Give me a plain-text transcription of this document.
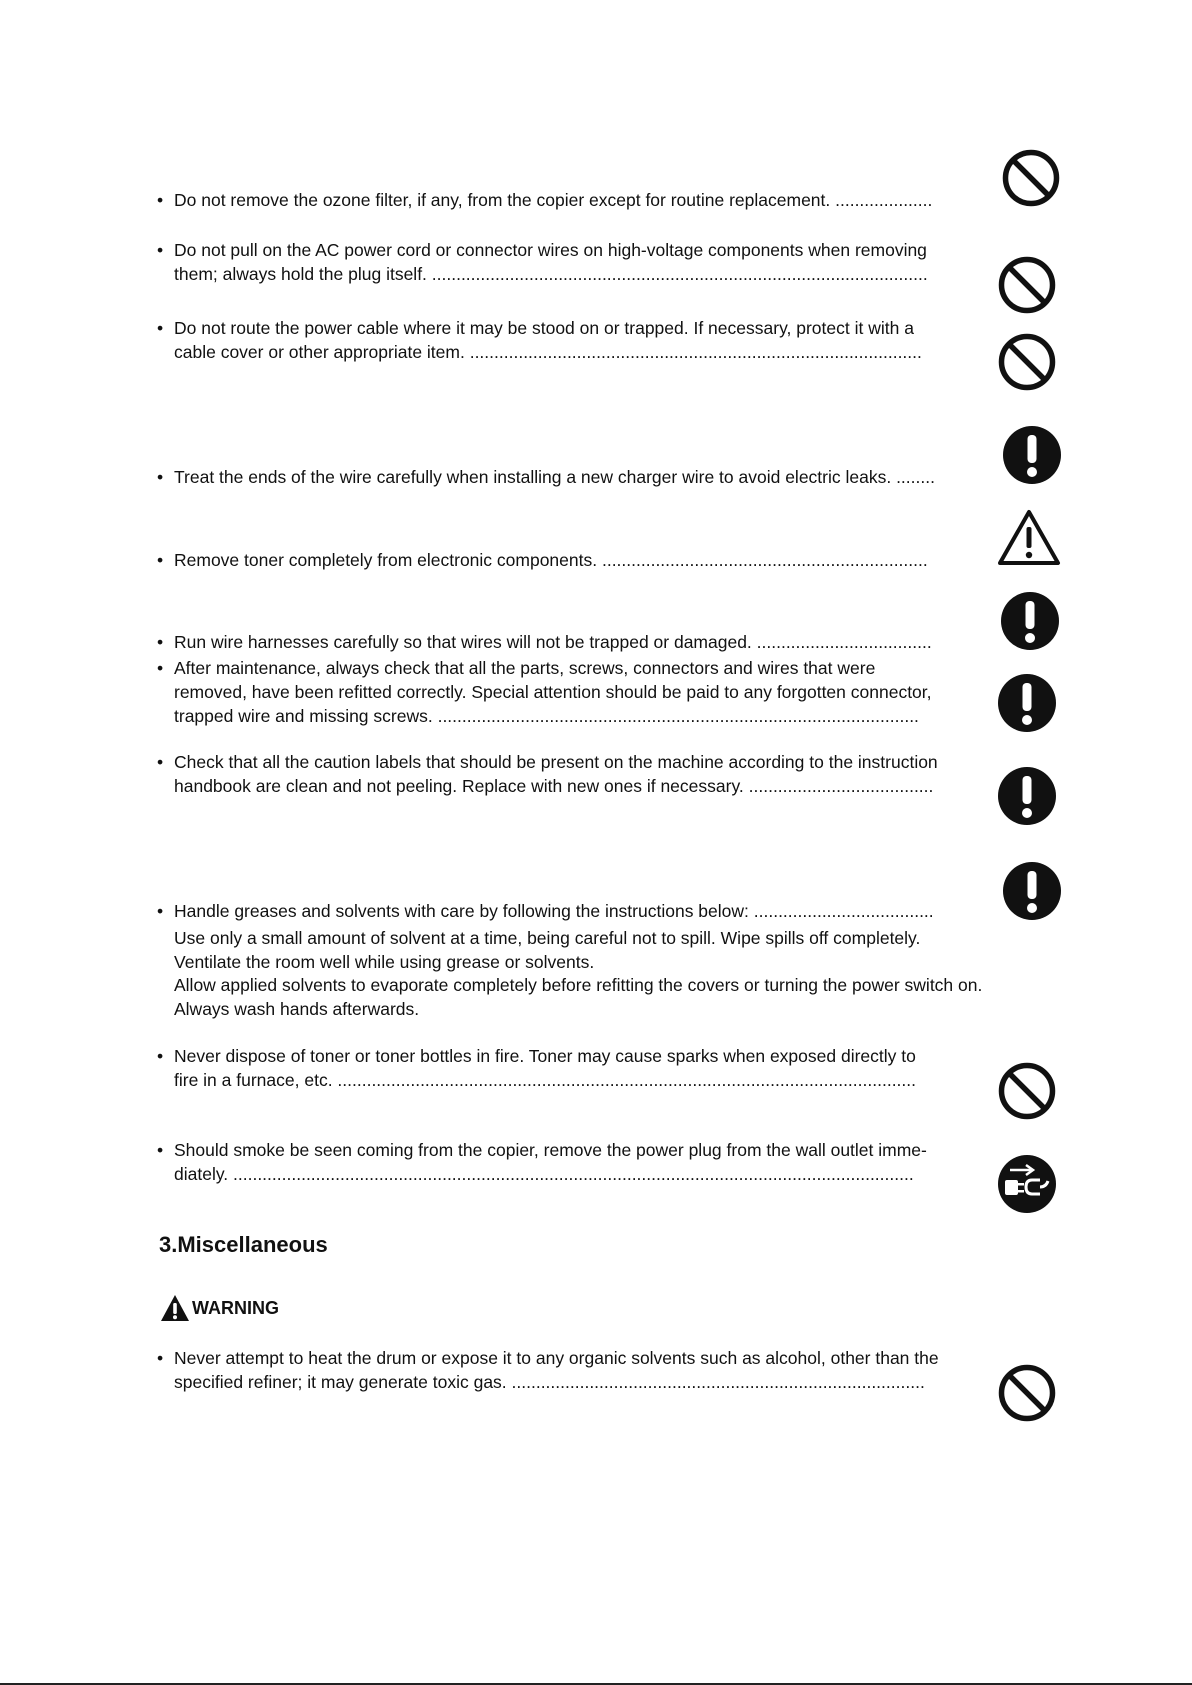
• Do not remove the ozone filter, if any, from the copier except for routine replacement. ....................
• Do not pull on the AC power cord or connector wires on high-voltage components when removing
them; always hold the plug itself. ......................................................................................................
• Do not route the power cable where it may be stood on or trapped. If necessary, protect it with a
cable cover or other appropriate item. .............................................................................................
• Treat the ends of the wire carefully when installing a new charger wire to avoid electric leaks. ........
• Remove toner completely from electronic components. ...................................................................
• Run wire harnesses carefully so that wires will not be trapped or damaged. ....................................
• After maintenance, always check that all the parts, screws, connectors and wires that were
removed, have been refitted correctly. Special attention should be paid to any forgotten connector,
trapped wire and missing screws. ...................................................................................................
• Check that all the caution labels that should be present on the machine according to the instruction
handbook are clean and not peeling. Replace with new ones if necessary. ......................................
• Handle greases and solvents with care by following the instructions below: .....................................
Use only a small amount of solvent at a time, being careful not to spill. Wipe spills off completely.
Ventilate the room well while using grease or solvents.
Allow applied solvents to evaporate completely before refitting the covers or turning the power switch on.
Always wash hands afterwards.
• Never dispose of toner or toner bottles in fire. Toner may cause sparks when exposed directly to
fire in a furnace, etc. .......................................................................................................................
• Should smoke be seen coming from the copier, remove the power plug from the wall outlet imme-
diately. ............................................................................................................................................
3.Miscellaneous
WARNING
• Never attempt to heat the drum or expose it to any organic solvents such as alcohol, other than the
specified refiner; it may generate toxic gas. .....................................................................................
